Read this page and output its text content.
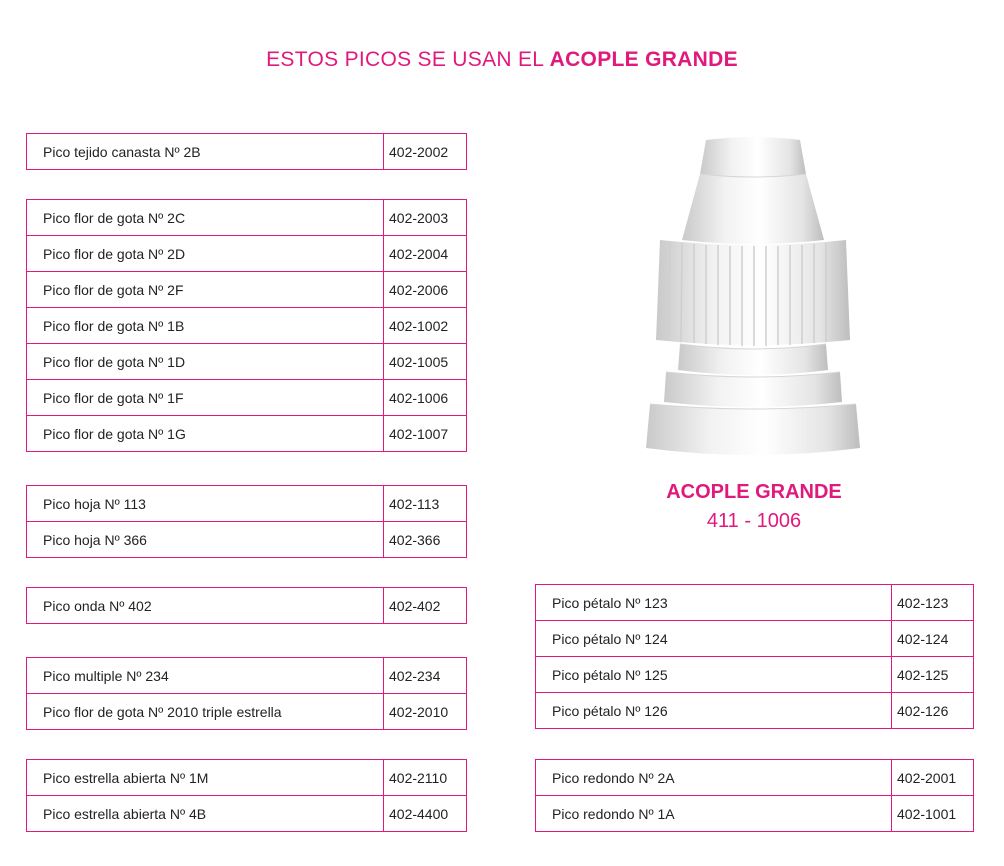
ESTOS PICOS SE USAN EL ACOPLE GRANDE
Pico tejido canasta Nº 2B	402-2002
Pico flor de gota Nº 2C	402-2003
Pico flor de gota Nº 2D	402-2004
Pico flor de gota Nº 2F	402-2006
Pico flor de gota Nº 1B	402-1002
Pico flor de gota Nº 1D	402-1005
Pico flor de gota Nº 1F	402-1006
Pico flor de gota Nº 1G	402-1007
Pico hoja Nº 113	402-113
Pico hoja Nº 366	402-366
Pico onda Nº 402	402-402
Pico multiple Nº 234	402-234
Pico flor de gota Nº 2010 triple estrella	402-2010
Pico estrella abierta Nº 1M	402-2110
Pico estrella abierta Nº 4B	402-4400
ACOPLE GRANDE
411 - 1006
Pico pétalo Nº 123	402-123
Pico pétalo Nº 124	402-124
Pico pétalo Nº 125	402-125
Pico pétalo Nº 126	402-126
Pico redondo Nº 2A	402-2001
Pico redondo Nº 1A	402-1001
